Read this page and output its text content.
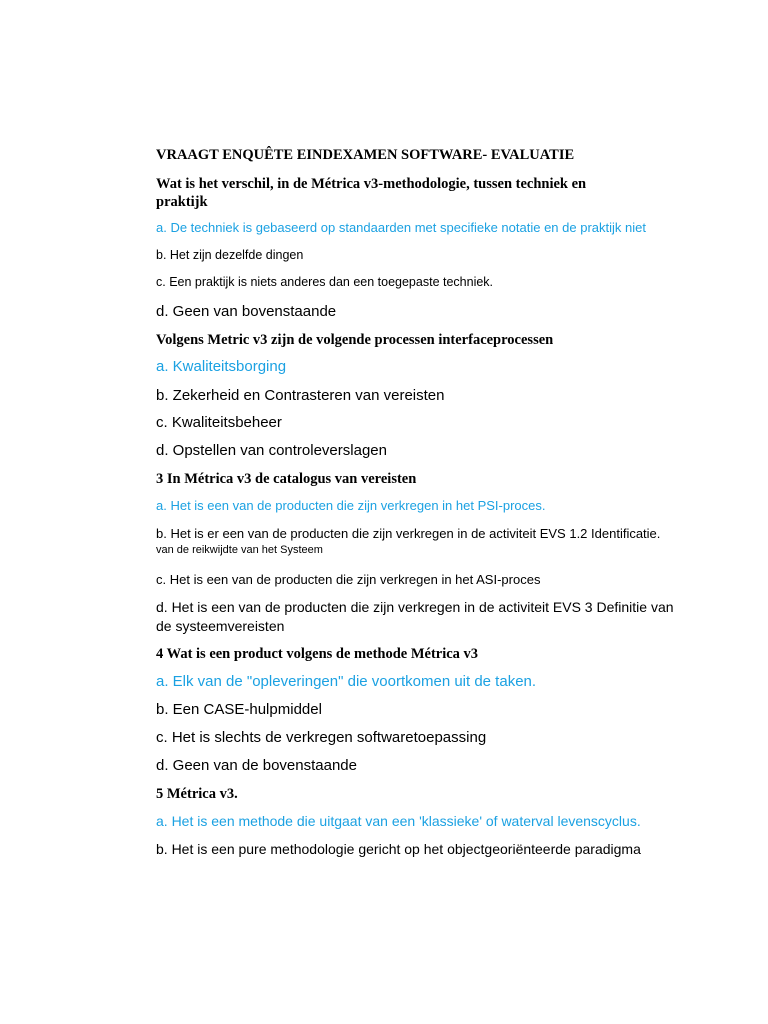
VRAAGT ENQUÊTE EINDEXAMEN SOFTWARE- EVALUATIE

Wat is het verschil, in de Métrica v3-methodologie, tussen techniek en

praktijk

a. De techniek is gebaseerd op standaarden met specifieke notatie en de praktijk niet

b. Het zijn dezelfde dingen

c. Een praktijk is niets anderes dan een toegepaste techniek.

d. Geen van bovenstaande

Volgens Metric v3 zijn de volgende processen interfaceprocessen

a. Kwaliteitsborging

b. Zekerheid en Contrasteren van vereisten

c. Kwaliteitsbeheer

d. Opstellen van controleverslagen

3 In Métrica v3 de catalogus van vereisten

a. Het is een van de producten die zijn verkregen in het PSI-proces.

b. Het is er een van de producten die zijn verkregen in de activiteit EVS 1.2 Identificatie.

van de reikwijdte van het Systeem

c. Het is een van de producten die zijn verkregen in het ASI-proces

d. Het is een van de producten die zijn verkregen in de activiteit EVS 3 Definitie van

de systeemvereisten

4 Wat is een product volgens de methode Métrica v3

a. Elk van de "opleveringen" die voortkomen uit de taken.

b. Een CASE-hulpmiddel

c. Het is slechts de verkregen softwaretoepassing

d. Geen van de bovenstaande

5 Métrica v3.

a. Het is een methode die uitgaat van een 'klassieke' of waterval levenscyclus.

b. Het is een pure methodologie gericht op het objectgeoriënteerde paradigma
